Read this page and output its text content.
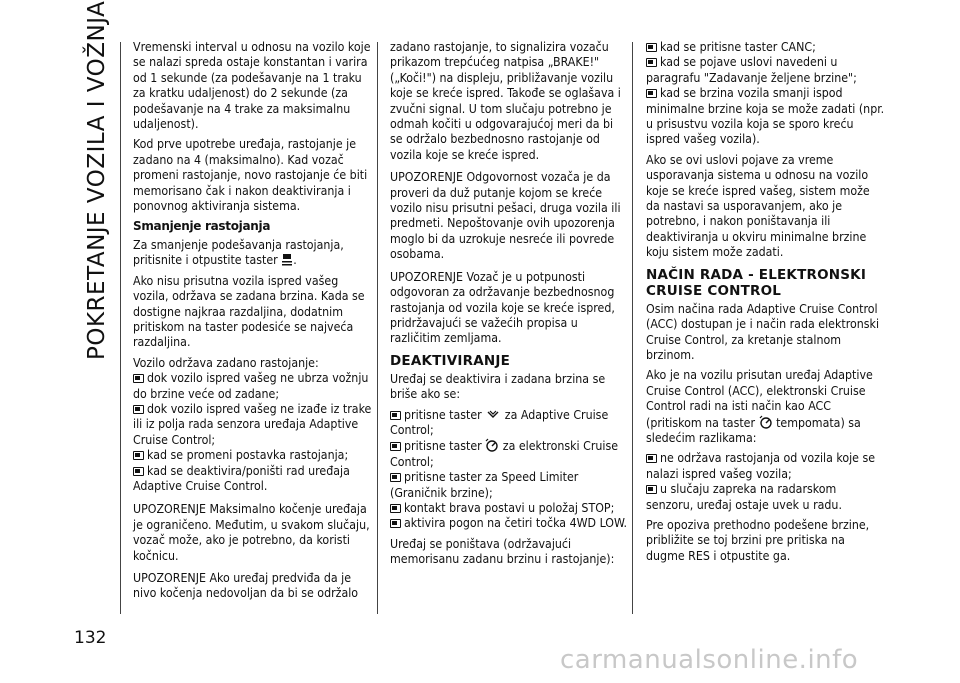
POKRETANJE VOZILA I VOŽNJA
132

Vremenski interval u odnosu na vozilo koje se nalazi spreda ostaje konstantan i varira od 1 sekunde (za podešavanje na 1 traku za kratku udaljenost) do 2 sekunde (za podešavanje na 4 trake za maksimalnu udaljenost).

Kod prve upotrebe uređaja, rastojanje je zadano na 4 (maksimalno). Kad vozač promeni rastojanje, novo rastojanje će biti memorisano čak i nakon deaktiviranja i ponovnog aktiviranja sistema.

Smanjenje rastojanja

Za smanjenje podešavanja rastojanja, pritisnite i otpustite taster .

Ako nisu prisutna vozila ispred vašeg vozila, održava se zadana brzina. Kada se dostigne najkraa razdaljina, dodatnim pritiskom na taster podesiće se najveća razdaljina.

Vozilo održava zadano rastojanje:

dok vozilo ispred vašeg ne ubrza vožnju do brzine veće od zadane;
dok vozilo ispred vašeg ne izađe iz trake ili iz polja rada senzora uređaja Adaptive Cruise Control;
kad se promeni postavka rastojanja;
kad se deaktivira/poništi rad uređaja Adaptive Cruise Control.

UPOZORENJE Maksimalno kočenje uređaja je ograničeno. Međutim, u svakom slučaju, vozač može, ako je potrebno, da koristi kočnicu.

UPOZORENJE Ako uređaj predviđa da je nivo kočenja nedovoljan da bi se održalo

zadano rastojanje, to signalizira vozaču prikazom trepćućeg natpisa „BRAKE!" („Koči!") na displeju, približavanje vozilu koje se kreće ispred. Takođe se oglašava i zvučni signal. U tom slučaju potrebno je odmah kočiti u odgovarajućoj meri da bi se održalo bezbednosno rastojanje od vozila koje se kreće ispred.

UPOZORENJE Odgovornost vozača je da proveri da duž putanje kojom se kreće vozilo nisu prisutni pešaci, druga vozila ili predmeti. Nepoštovanje ovih upozorenja moglo bi da uzrokuje nesreće ili povrede osobama.

UPOZORENJE Vozač je u potpunosti odgovoran za održavanje bezbednosnog rastojanja od vozila koje se kreće ispred, pridržavajući se važećih propisa u različitim zemljama.

DEAKTIVIRANJE

Uređaj se deaktivira i zadana brzina se briše ako se:

pritisne taster za Adaptive Cruise Control;
pritisne taster za elektronski Cruise Control;
pritisne taster za Speed Limiter (Graničnik brzine);
kontakt brava postavi u položaj STOP;
aktivira pogon na četiri točka 4WD LOW.

Uređaj se poništava (održavajući memorisanu zadanu brzinu i rastojanje):

kad se pritisne taster CANC;
kad se pojave uslovi navedeni u paragrafu "Zadavanje željene brzine";
kad se brzina vozila smanji ispod minimalne brzine koja se može zadati (npr. u prisustvu vozila koja se sporo kreću ispred vašeg vozila).

Ako se ovi uslovi pojave za vreme usporavanja sistema u odnosu na vozilo koje se kreće ispred vašeg, sistem može da nastavi sa usporavanjem, ako je potrebno, i nakon poništavanja ili deaktiviranja u okviru minimalne brzine koju sistem može zadati.

NAČIN RADA - ELEKTRONSKI CRUISE CONTROL

Osim načina rada Adaptive Cruise Control (ACC) dostupan je i način rada elektronski Cruise Control, za kretanje stalnom brzinom.

Ako je na vozilu prisutan uređaj Adaptive Cruise Control (ACC), elektronski Cruise Control radi na isti način kao ACC (pritiskom na taster tempomata) sa sledećim razlikama:

ne održava rastojanja od vozila koje se nalazi ispred vašeg vozila;
u slučaju zapreka na radarskom senzoru, uređaj ostaje uvek u radu.

Pre opoziva prethodno podešene brzine, približite se toj brzini pre pritiska na dugme RES i otpustite ga.

carmanualsonline.info
